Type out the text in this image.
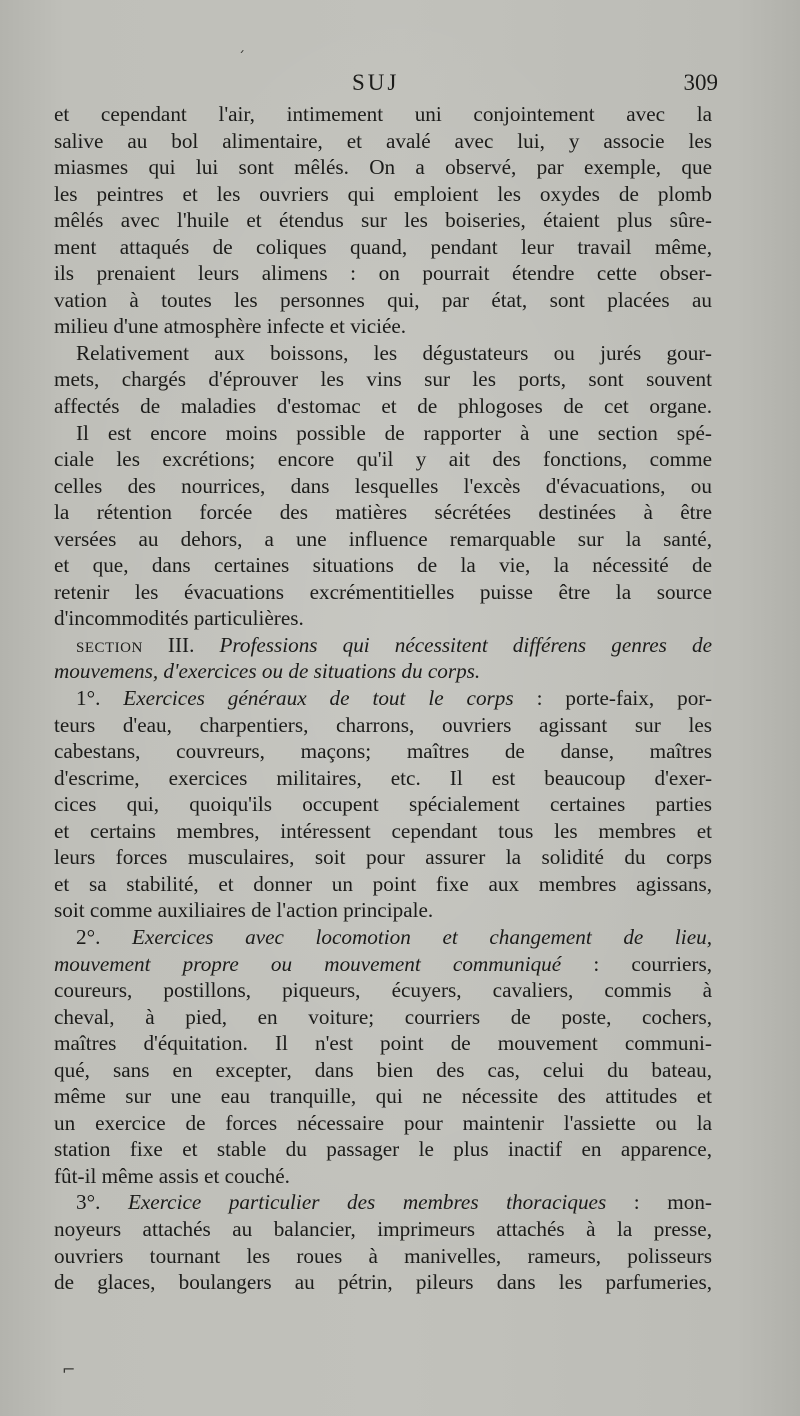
SUJ	309
et cependant l'air, intimement uni conjointement avec la
salive au bol alimentaire, et avalé avec lui, y associe les
miasmes qui lui sont mêlés. On a observé, par exemple, que
les peintres et les ouvriers qui emploient les oxydes de plomb
mêlés avec l'huile et étendus sur les boiseries, étaient plus sûre-
ment attaqués de coliques quand, pendant leur travail même,
ils prenaient leurs alimens : on pourrait étendre cette obser-
vation à toutes les personnes qui, par état, sont placées au
milieu d'une atmosphère infecte et viciée.
Relativement aux boissons, les dégustateurs ou jurés gour-
mets, chargés d'éprouver les vins sur les ports, sont souvent
affectés de maladies d'estomac et de phlogoses de cet organe.
Il est encore moins possible de rapporter à une section spé-
ciale les excrétions; encore qu'il y ait des fonctions, comme
celles des nourrices, dans lesquelles l'excès d'évacuations, ou
la rétention forcée des matières sécrétées destinées à être
versées au dehors, a une influence remarquable sur la santé,
et que, dans certaines situations de la vie, la nécessité de
retenir les évacuations excrémentitielles puisse être la source
d'incommodités particulières.
SECTION III. Professions qui nécessitent différens genres de
mouvemens, d'exercices ou de situations du corps.
1°. Exercices généraux de tout le corps : porte-faix, por-
teurs d'eau, charpentiers, charrons, ouvriers agissant sur les
cabestans, couvreurs, maçons; maîtres de danse, maîtres
d'escrime, exercices militaires, etc. Il est beaucoup d'exer-
cices qui, quoiqu'ils occupent spécialement certaines parties
et certains membres, intéressent cependant tous les membres et
leurs forces musculaires, soit pour assurer la solidité du corps
et sa stabilité, et donner un point fixe aux membres agissans,
soit comme auxiliaires de l'action principale.
2°. Exercices avec locomotion et changement de lieu,
mouvement propre ou mouvement communiqué : courriers,
coureurs, postillons, piqueurs, écuyers, cavaliers, commis à
cheval, à pied, en voiture; courriers de poste, cochers,
maîtres d'équitation. Il n'est point de mouvement communi-
qué, sans en excepter, dans bien des cas, celui du bateau,
même sur une eau tranquille, qui ne nécessite des attitudes et
un exercice de forces nécessaire pour maintenir l'assiette ou la
station fixe et stable du passager le plus inactif en apparence,
fût-il même assis et couché.
3°. Exercice particulier des membres thoraciques : mon-
noyeurs attachés au balancier, imprimeurs attachés à la presse,
ouvriers tournant les roues à manivelles, rameurs, polisseurs
de glaces, boulangers au pétrin, pileurs dans les parfumeries,
ˊ
⌐
